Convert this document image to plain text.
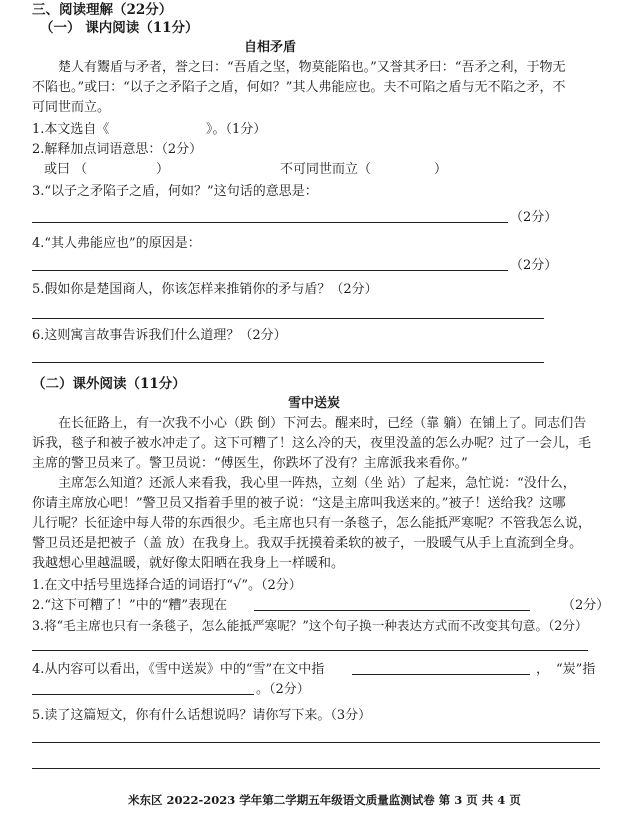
三、阅读理解（22分）
（一） 课内阅读（11分）
自相矛盾
楚人有鬻盾与矛者，誉之曰：“吾盾之坚，物莫能陷也。”又誉其矛曰：“吾矛之利，于物无
不陷也。”或曰：“以子之矛陷子之盾，何如？”其人弗能应也。夫不可陷之盾与无不陷之矛，不
可同世而立。
1.本文选自《	》。（1分）
2.解释加点词语意思：（2分）
或曰 （	）	不可同世而立（	）
3.“以子之矛陷子之盾，何如？”这句话的意思是：
（2分）
4.“其人弗能应也”的原因是：
（2分）
5.假如你是楚国商人，你该怎样来推销你的矛与盾？（2分）
6.这则寓言故事告诉我们什么道理？（2分）
（二）课外阅读（11分）
雪中送炭
在长征路上，有一次我不小心（跌 倒）下河去。醒来时，已经（靠 躺）在铺上了。同志们告
诉我，毯子和被子被水冲走了。这下可糟了！这么冷的天，夜里没盖的怎么办呢？过了一会儿，毛
主席的警卫员来了。警卫员说：“傅医生，你跌坏了没有？主席派我来看你。”
主席怎么知道？还派人来看我，我心里一阵热，立刻（坐 站）了起来，急忙说：“没什么，
你请主席放心吧！”警卫员又指着手里的被子说：“这是主席叫我送来的。”被子！送给我？这哪
儿行呢？长征途中每人带的东西很少。毛主席也只有一条毯子，怎么能抵严寒呢？不管我怎么说，
警卫员还是把被子（盖 放）在我身上。我双手抚摸着柔软的被子，一股暖气从手上直流到全身。
我越想心里越温暖，就好像太阳晒在我身上一样暖和。
1.在文中括号里选择合适的词语打“√”。（2分）
2.“这下可糟了！”中的“糟”表现在	（2分）
3.将“毛主席也只有一条毯子，怎么能抵严寒呢？”这个句子换一种表达方式而不改变其句意。（2分）
4.从内容可以看出，《雪中送炭》中的“雪”在文中指	， “炭”指
。（2分）
5.读了这篇短文，你有什么话想说吗？请你写下来。（3分）
米东区 2022-2023 学年第二学期五年级语文质量监测试卷 第 3 页 共 4 页
